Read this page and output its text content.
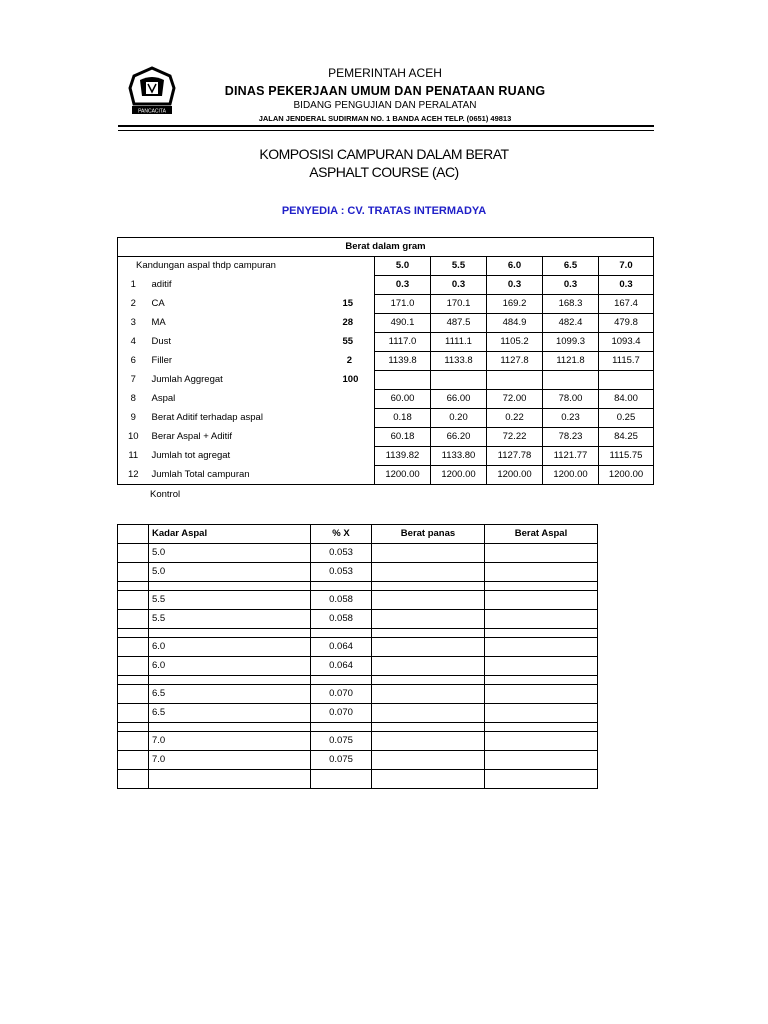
PANCACITA
PEMERINTAH ACEH
DINAS PEKERJAAN UMUM DAN PENATAAN RUANG
BIDANG PENGUJIAN DAN PERALATAN
JALAN JENDERAL SUDIRMAN NO. 1 BANDA ACEH TELP. (0651) 49813
KOMPOSISI CAMPURAN DALAM BERAT
ASPHALT COURSE (AC)
PENYEDIA : CV. TRATAS INTERMADYA
Berat dalam gram							
Kandungan aspal thdp campuran			5.0	5.5	6.0	6.5	7.0
1	aditif		0.3	0.3	0.3	0.3	0.3
2	CA	15	171.0	170.1	169.2	168.3	167.4
3	MA	28	490.1	487.5	484.9	482.4	479.8
4	Dust	55	1117.0	1111.1	1105.2	1099.3	1093.4
6	Filler	2	1139.8	1133.8	1127.8	1121.8	1115.7
7	Jumlah Aggregat	100					
8	Aspal		60.00	66.00	72.00	78.00	84.00
9	Berat Aditif terhadap aspal		0.18	0.20	0.22	0.23	0.25
10	Berar Aspal + Aditif		60.18	66.20	72.22	78.23	84.25
11	Jumlah tot agregat		1139.82	1133.80	1127.78	1121.77	1115.75
12	Jumlah Total campuran		1200.00	1200.00	1200.00	1200.00	1200.00
Kontrol
	Kadar Aspal	% X	Berat panas	Berat Aspal
	5.0	0.053		
	5.0	0.053		

	5.5	0.058		
	5.5	0.058		

	6.0	0.064		
	6.0	0.064		

	6.5	0.070		
	6.5	0.070		

	7.0	0.075		
	7.0	0.075		
